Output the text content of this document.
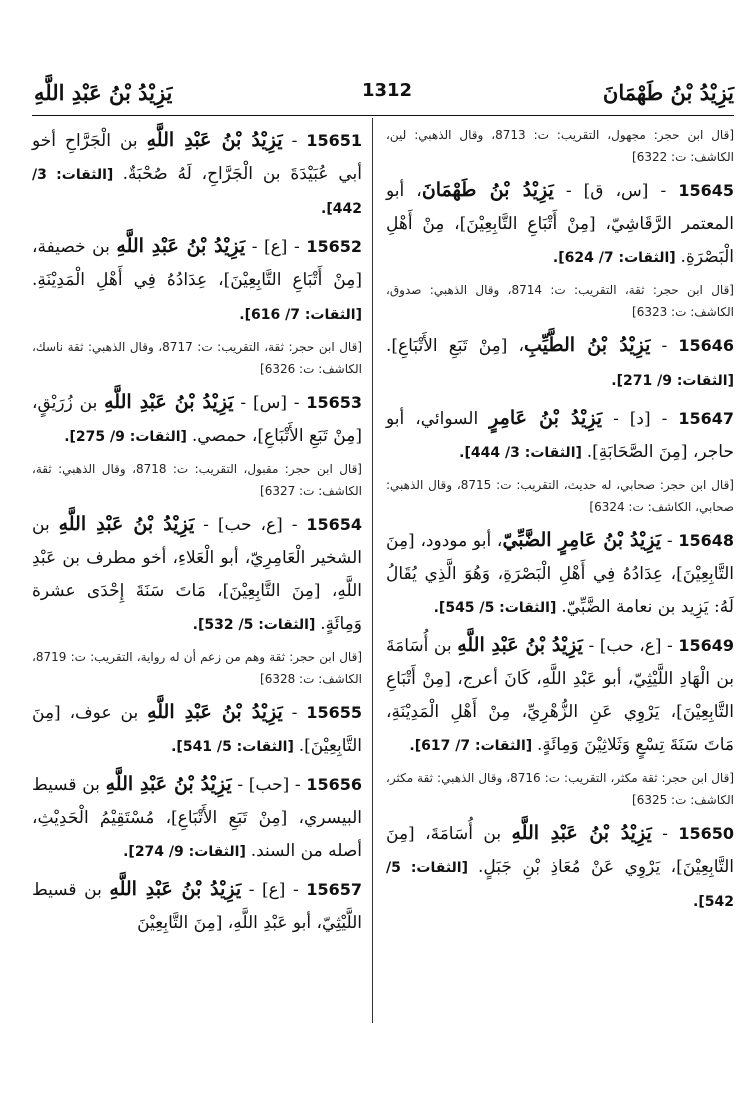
يَزِيْدُ بْنُ طَهْمَانَ
1312
يَزِيْدُ بْنُ عَبْدِ اللَّهِ

[قال ابن حجر: مجهول، التقريب: ت: 8713، وقال الذهبي: لين، الكاشف: ت: 6322]

15645 - [س، ق] - يَزِيْدُ بْنُ طَهْمَانَ، أبو المعتمر الرَّقَاشِيّ، [مِنْ أَتْبَاعِ التَّابِعِيْنَ]، مِنْ أَهْلِ الْبَصْرَةِ. [الثقات: 7/ 624].

[قال ابن حجر: ثقة، التقريب: ت: 8714، وقال الذهبي: صدوق، الكاشف: ت: 6323]

15646 - يَزِيْدُ بْنُ الطَّيِّبِ، [مِنْ تَبَعِ الأَتْبَاعِ]. [الثقات: 9/ 271].

15647 - [د] - يَزِيْدُ بْنُ عَامِرٍ السوائي، أبو حاجر، [مِنَ الصَّحَابَةِ]. [الثقات: 3/ 444].

[قال ابن حجر: صحابي، له حديث، التقريب: ت: 8715، وقال الذهبي: صحابي، الكاشف: ت: 6324]

15648 - يَزِيْدُ بْنُ عَامِرٍ الضَّبِّيّ، أبو مودود، [مِنَ التَّابِعِيْنَ]، عِدَادُهُ فِي أَهْلِ الْبَصْرَةِ، وَهُوَ الَّذِي يُقَالُ لَهُ: يَزِيد بن نعامة الضَّبِّيّ. [الثقات: 5/ 545].

15649 - [ع، حب] - يَزِيْدُ بْنُ عَبْدِ اللَّهِ بن أُسَامَةَ بن الْهَادِ اللَّيْثِيّ، أبو عَبْدِ اللَّهِ، كَانَ أعرج، [مِنْ أَتْبَاعِ التَّابِعِيْنَ]، يَرْوِي عَنِ الزُّهْرِيِّ، مِنْ أَهْلِ الْمَدِيْنَةِ، مَاتَ سَنَةَ تِسْعٍ وَثَلاثِيْنَ وَمِائَةٍ. [الثقات: 7/ 617].

[قال ابن حجر: ثقة مكثر، التقريب: ت: 8716، وقال الذهبي: ثقة مكثر، الكاشف: ت: 6325]

15650 - يَزِيْدُ بْنُ عَبْدِ اللَّهِ بن أُسَامَةَ، [مِنَ التَّابِعِيْنَ]، يَرْوِي عَنْ مُعَاذِ بْنِ جَبَلٍ. [الثقات: 5/ 542].

15651 - يَزِيْدُ بْنُ عَبْدِ اللَّهِ بن الْجَرَّاحِ أخو أبي عُبَيْدَةَ بن الْجَرَّاحِ، لَهُ صُحْبَةٌ. [الثقات: 3/ 442].

15652 - [ع] - يَزِيْدُ بْنُ عَبْدِ اللَّهِ بن خصيفة، [مِنْ أَتْبَاعِ التَّابِعِيْنَ]، عِدَادُهُ فِي أَهْلِ الْمَدِيْنَةِ. [الثقات: 7/ 616].

[قال ابن حجر: ثقة، التقريب: ت: 8717، وقال الذهبي: ثقة ناسك، الكاشف: ت: 6326]

15653 - [س] - يَزِيْدُ بْنُ عَبْدِ اللَّهِ بن زُرَيْقٍ، [مِنْ تَبَعِ الأَتْبَاعِ]، حمصي. [الثقات: 9/ 275].

[قال ابن حجر: مقبول، التقريب: ت: 8718، وقال الذهبي: ثقة، الكاشف: ت: 6327]

15654 - [ع، حب] - يَزِيْدُ بْنُ عَبْدِ اللَّهِ بن الشخير الْعَامِرِيّ، أبو الْعَلاءِ، أخو مطرف بن عَبْدِ اللَّهِ، [مِنَ التَّابِعِيْنَ]، مَاتَ سَنَةَ إِحْدَى عشرة وَمِائَةٍ. [الثقات: 5/ 532].

[قال ابن حجر: ثقة وهم من زعم أن له رواية، التقريب: ت: 8719، الكاشف: ت: 6328]

15655 - يَزِيْدُ بْنُ عَبْدِ اللَّهِ بن عوف، [مِنَ التَّابِعِيْنَ]. [الثقات: 5/ 541].

15656 - [حب] - يَزِيْدُ بْنُ عَبْدِ اللَّهِ بن قسيط البيسري، [مِنْ تَبَعِ الأَتْبَاعِ]، مُسْتَقِيْمُ الْحَدِيْثِ، أصله من السند. [الثقات: 9/ 274].

15657 - [ع] - يَزِيْدُ بْنُ عَبْدِ اللَّهِ بن قسيط اللَّيْثِيّ، أبو عَبْدِ اللَّهِ، [مِنَ التَّابِعِيْنَ
